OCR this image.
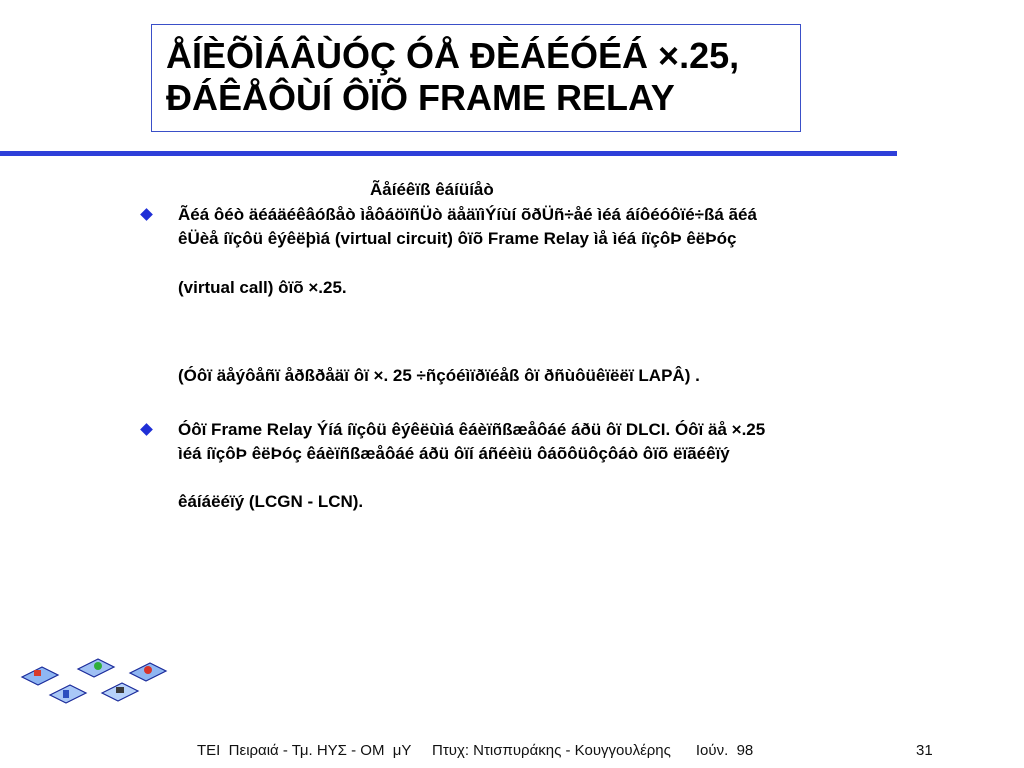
ÅÍÈÕÌÁÂÙÓÇ ÓÅ ÐÈÁÉÓÉÁ ×.25,
ÐÁÊÅÔÙÍ ÔÏÕ FRAME RELAY
Ãåíéêïß êáíüíåò
Ãéá ôéò äéáäéêâóßåò ìåôáöïñÜò äåäïìÝíùí õðÜñ÷åé ìéá áíôéóôïé÷ßá ãéá
êÜèå íïçôü êýêëþìá (virtual circuit) ôïõ Frame Relay ìå ìéá íïçôÞ êëÞóç
(virtual call) ôïõ ×.25.
(Óôï äåýôåñï åðßðåäï ôï ×. 25 ÷ñçóéìïðïéåß ôï ðñùôüêïëëï LAPÂ) .
Óôï Frame Relay Ýíá íïçôü êýêëùìá êáèïñßæåôáé áðü ôï DLCI. Óôï äå ×.25
ìéá íïçôÞ êëÞóç êáèïñßæåôáé áðü ôïí áñéèìü ôáõôüôçôáò ôïõ ëïãéêïý
êáíáëéïý (LCGN - LCN).
TEI  Πειραιά - Τμ. ΗΥΣ - ΟΜ  μΥ     Πτυχ: Ντισπυράκης - Κουγγουλέρης      Ιούν.  98	31
